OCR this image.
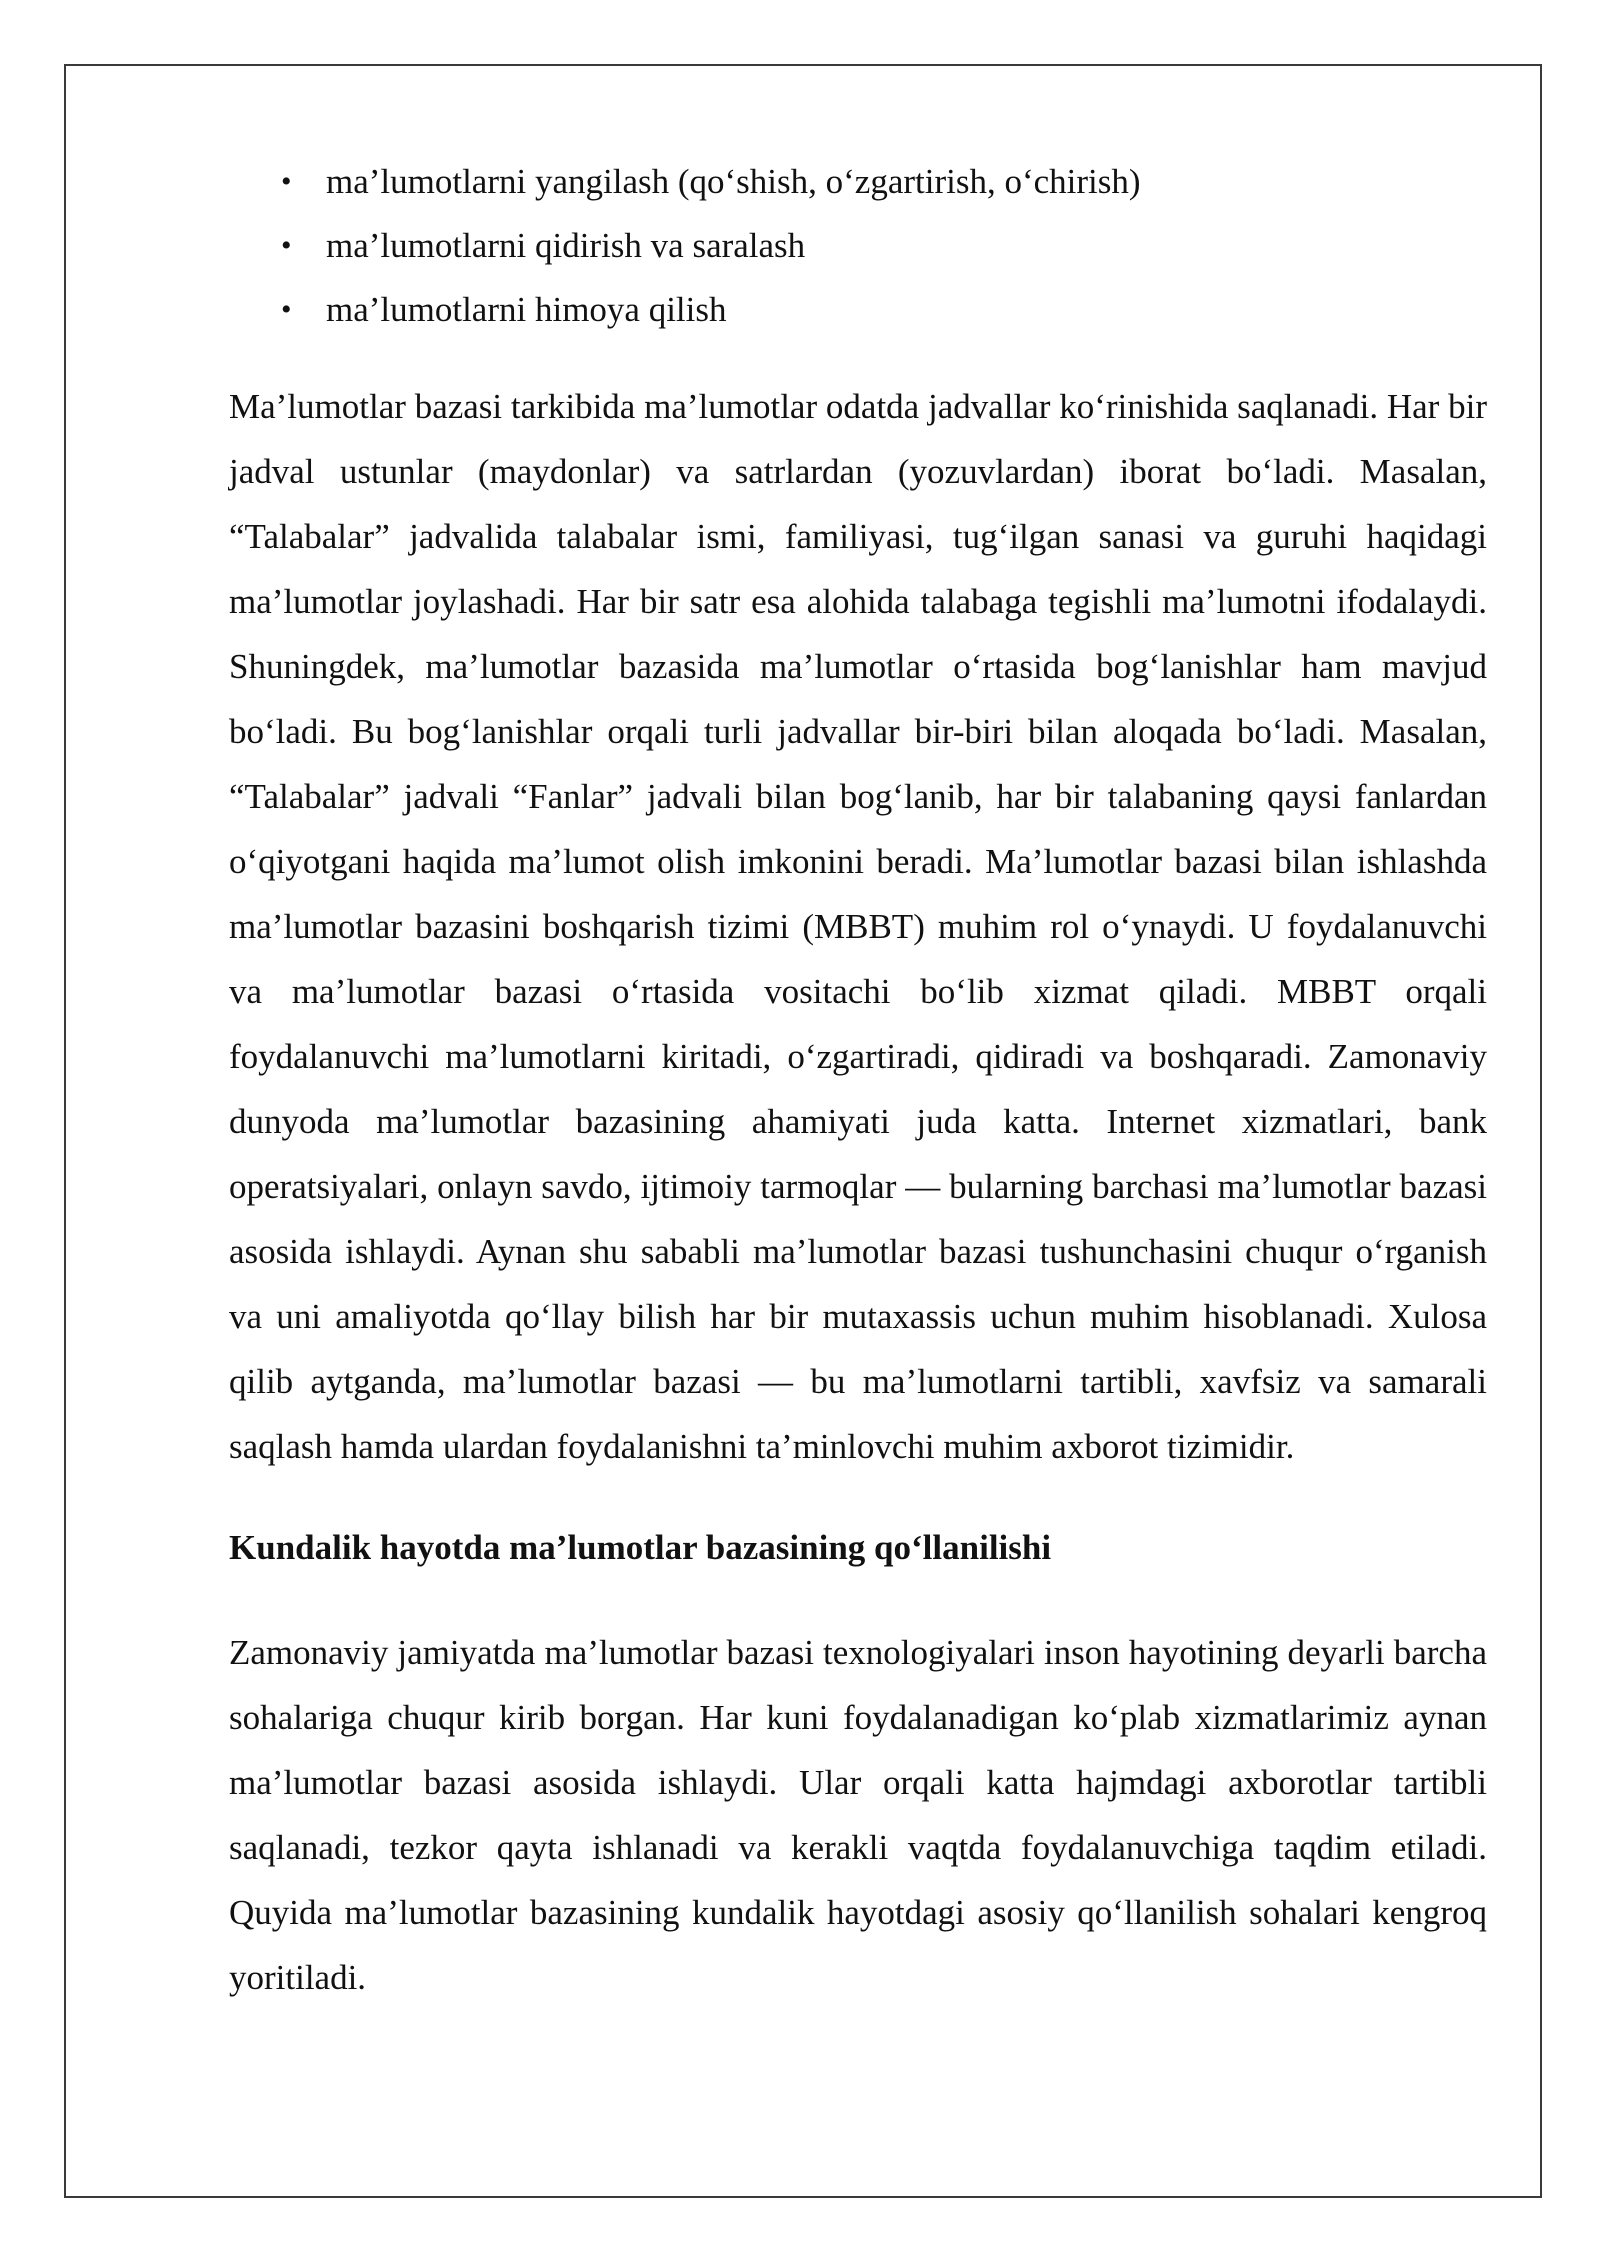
• ma’lumotlarni yangilash (qo‘shish, o‘zgartirish, o‘chirish)
• ma’lumotlarni qidirish va saralash
• ma’lumotlarni himoya qilish

Ma’lumotlar bazasi tarkibida ma’lumotlar odatda jadvallar ko‘rinishida saqlanadi. Har bir jadval ustunlar (maydonlar) va satrlardan (yozuvlardan) iborat bo‘ladi. Masalan, “Talabalar” jadvalida talabalar ismi, familiyasi, tug‘ilgan sanasi va guruhi haqidagi ma’lumotlar joylashadi. Har bir satr esa alohida talabaga tegishli ma’lumotni ifodalaydi. Shuningdek, ma’lumotlar bazasida ma’lumotlar o‘rtasida bog‘lanishlar ham mavjud bo‘ladi. Bu bog‘lanishlar orqali turli jadvallar bir-biri bilan aloqada bo‘ladi. Masalan, “Talabalar” jadvali “Fanlar” jadvali bilan bog‘lanib, har bir talabaning qaysi fanlardan o‘qiyotgani haqida ma’lumot olish imkonini beradi. Ma’lumotlar bazasi bilan ishlashda ma’lumotlar bazasini boshqarish tizimi (MBBT) muhim rol o‘ynaydi. U foydalanuvchi va ma’lumotlar bazasi o‘rtasida vositachi bo‘lib xizmat qiladi. MBBT orqali foydalanuvchi ma’lumotlarni kiritadi, o‘zgartiradi, qidiradi va boshqaradi. Zamonaviy dunyoda ma’lumotlar bazasining ahamiyati juda katta. Internet xizmatlari, bank operatsiyalari, onlayn savdo, ijtimoiy tarmoqlar — bularning barchasi ma’lumotlar bazasi asosida ishlaydi. Aynan shu sababli ma’lumotlar bazasi tushunchasini chuqur o‘rganish va uni amaliyotda qo‘llay bilish har bir mutaxassis uchun muhim hisoblanadi. Xulosa qilib aytganda, ma’lumotlar bazasi — bu ma’lumotlarni tartibli, xavfsiz va samarali saqlash hamda ulardan foydalanishni ta’minlovchi muhim axborot tizimidir.

Kundalik hayotda ma’lumotlar bazasining qo‘llanilishi

Zamonaviy jamiyatda ma’lumotlar bazasi texnologiyalari inson hayotining deyarli barcha sohalariga chuqur kirib borgan. Har kuni foydalanadigan ko‘plab xizmatlarimiz aynan ma’lumotlar bazasi asosida ishlaydi. Ular orqali katta hajmdagi axborotlar tartibli saqlanadi, tezkor qayta ishlanadi va kerakli vaqtda foydalanuvchiga taqdim etiladi. Quyida ma’lumotlar bazasining kundalik hayotdagi asosiy qo‘llanilish sohalari kengroq yoritiladi.
